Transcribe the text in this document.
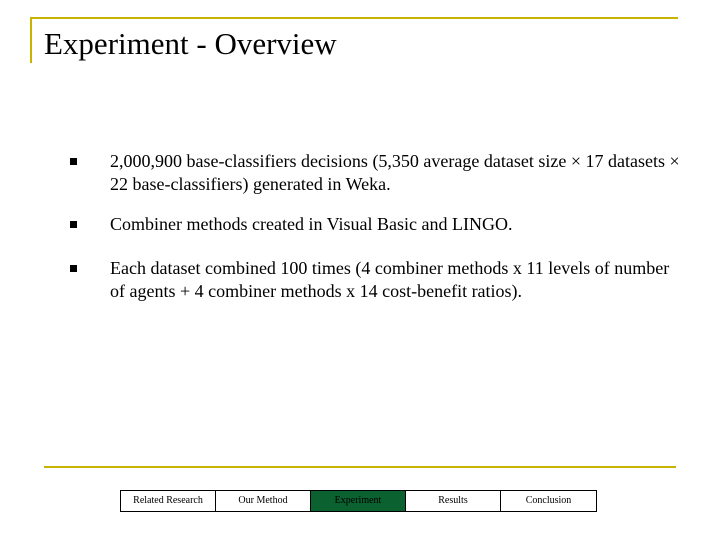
Experiment - Overview
2,000,900 base-classifiers decisions (5,350 average dataset size × 17 datasets × 22 base-classifiers) generated in Weka.
Combiner methods created in Visual Basic and LINGO.
Each dataset combined 100 times (4 combiner methods x 11 levels of number of agents + 4 combiner methods x 14 cost-benefit ratios).
Related Research	Our Method	Experiment	Results	Conclusion
